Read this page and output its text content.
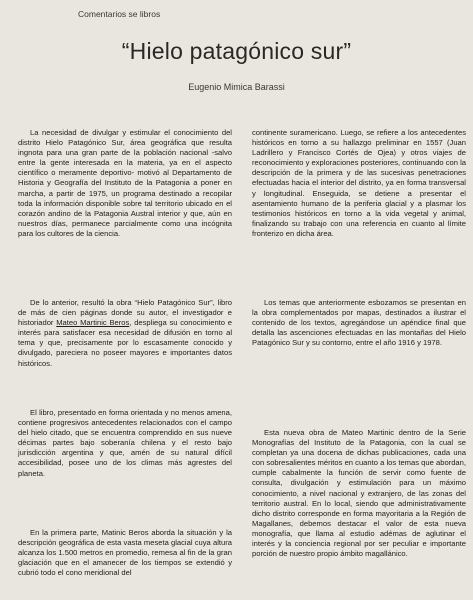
Comentarios se libros
“Hielo patagónico sur”
Eugenio Mimica Barassi
La necesidad de divulgar y estimular el conocimiento del distrito Hielo Patagónico Sur, área geográfica que resulta ingnota para una gran parte de la población nacional -salvo entre la gente interesada en la materia, ya en el aspecto científico o meramente deportivo- motivó al Departamento de Historia y Geografía del Instituto de la Patagonia a poner en marcha, a partir de 1975, un programa destinado a recopilar toda la información disponible sobre tal territorio ubicado en el corazón andino de la Patagonia Austral interior y que, aún en nuestros días, permanece parcialmente como una incógnita para los cultores de la ciencia.
De lo anterior, resultó la obra “Hielo Patagónico Sur”, libro de más de cien páginas donde su autor, el investigador e historiador Mateo Martinic Beros, despliega su conocimiento e interés para satisfacer esa necesidad de difusión en torno al tema y que, precisamente por lo escasamente conocido y divulgado, pareciera no poseer mayores e importantes datos históricos.
El libro, presentado en forma orientada y no menos amena, contiene progresivos antecedentes relacionados con el campo del hielo citado, que se encuentra comprendido en sus nueve décimas partes bajo soberanía chilena y el resto bajo jurisdicción argentina y que, amén de su natural difícil accesibilidad, posee uno de los climas más agrestes del planeta.
En la primera parte, Matinic Beros aborda la situación y la descripción geográfica de esta vasta meseta glacial cuya altura alcanza los 1.500 metros en promedio, remesa al fin de la gran glaciación que en el amanecer de los tiempos se extendió y cubrió todo el cono meridional del
continente suramericano. Luego, se refiere a los antecedentes históricos en torno a su hallazgo preliminar en 1557 (Juan Ladrillero y Francisco Cortés de Ojea) y otros viajes de reconocimiento y exploraciones posteriores, continuando con la descripción de la primera y de las sucesivas penetraciones efectuadas hacia el interior del distrito, ya en forma transversal y longitudinal. Enseguida, se detiene a presentar el asentamiento humano de la periferia glacial y a plasmar los testimonios históricos en torno a la vida vegetal y animal, finalizando su trabajo con una referencia en cuanto al límite fronterizo en dicha área.
Los temas que anteriormente esbozamos se presentan en la obra complementados por mapas, destinados a ilustrar el contenido de los textos, agregándose un apéndice final que detalla las ascenciones efectuadas en las montañas del Hielo Patagónico Sur y su contorno, entre el año 1916 y 1978.
Esta nueva obra de Mateo Martinic dentro de la Serie Monografías del Instituto de la Patagonia, con la cual se completan ya una docena de dichas publicaciones, cada una con sobresalientes méritos en cuanto a los temas que abordan, cumple cabalmente la función de servir como fuente de consulta, divulgación y estimulación para un máximo conocimiento, a nivel nacional y extranjero, de las zonas del territorio austral. En lo local, siendo que administrativamente dicho distrito corresponde en forma mayoritaria a la Región de Magallanes, debemos destacar el valor de esta nueva monografía, que llama al estudio adémas de aglutinar el interés y la conciencia regional por ser peculiar e importante porción de nuestro propio ámbito magallánico.
